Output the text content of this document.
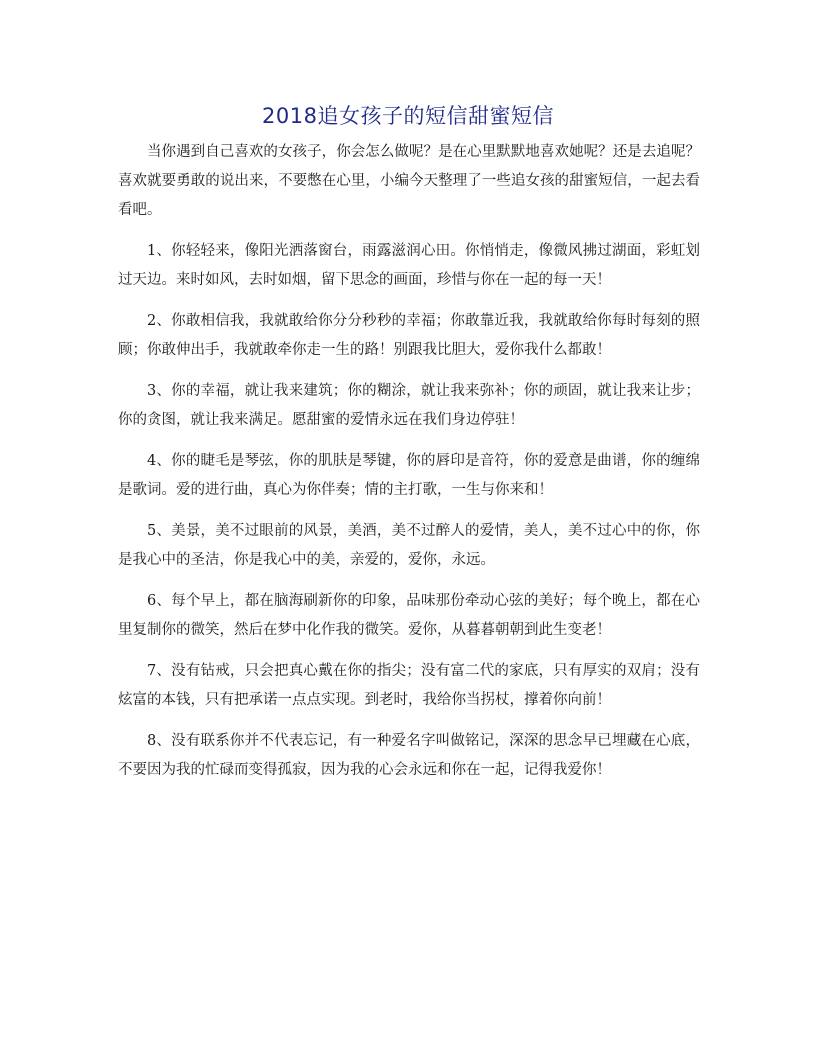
2018追女孩子的短信甜蜜短信

当你遇到自己喜欢的女孩子，你会怎么做呢？是在心里默默地喜欢她呢？还是去追呢？喜欢就要勇敢的说出来，不要憋在心里，小编今天整理了一些追女孩的甜蜜短信，一起去看看吧。

1、你轻轻来，像阳光洒落窗台，雨露滋润心田。你悄悄走，像微风拂过湖面，彩虹划过天边。来时如风，去时如烟，留下思念的画面，珍惜与你在一起的每一天！

2、你敢相信我，我就敢给你分分秒秒的幸福；你敢靠近我，我就敢给你每时每刻的照顾；你敢伸出手，我就敢牵你走一生的路！别跟我比胆大，爱你我什么都敢！

3、你的幸福，就让我来建筑；你的糊涂，就让我来弥补；你的顽固，就让我来让步；你的贪图，就让我来满足。愿甜蜜的爱情永远在我们身边停驻！

4、你的睫毛是琴弦，你的肌肤是琴键，你的唇印是音符，你的爱意是曲谱，你的缠绵是歌词。爱的进行曲，真心为你伴奏；情的主打歌，一生与你来和！

5、美景，美不过眼前的风景，美酒，美不过醉人的爱情，美人，美不过心中的你，你是我心中的圣洁，你是我心中的美，亲爱的，爱你，永远。

6、每个早上，都在脑海刷新你的印象，品味那份牵动心弦的美好；每个晚上，都在心里复制你的微笑，然后在梦中化作我的微笑。爱你，从暮暮朝朝到此生变老！

7、没有钻戒，只会把真心戴在你的指尖；没有富二代的家底，只有厚实的双肩；没有炫富的本钱，只有把承诺一点点实现。到老时，我给你当拐杖，撑着你向前！

8、没有联系你并不代表忘记，有一种爱名字叫做铭记，深深的思念早已埋藏在心底，不要因为我的忙碌而变得孤寂，因为我的心会永远和你在一起，记得我爱你！
